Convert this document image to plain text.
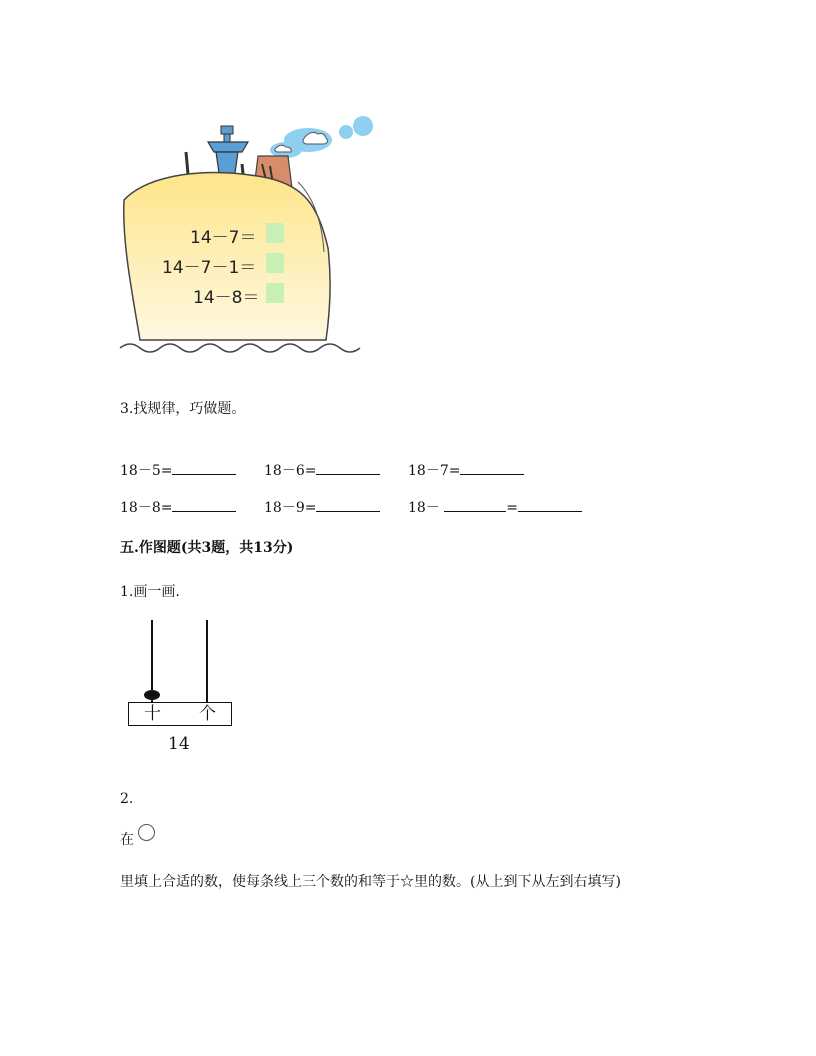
14－7＝
14－7－1＝
14－8＝
3.找规律，巧做题。
18－5=	18－6=	18－7=
18－8=	18－9=	18－	=
五.作图题(共3题，共13分)
1.画一画.
十 个
14
2.
在
里填上合适的数，使每条线上三个数的和等于☆里的数。(从上到下从左到右填写)
